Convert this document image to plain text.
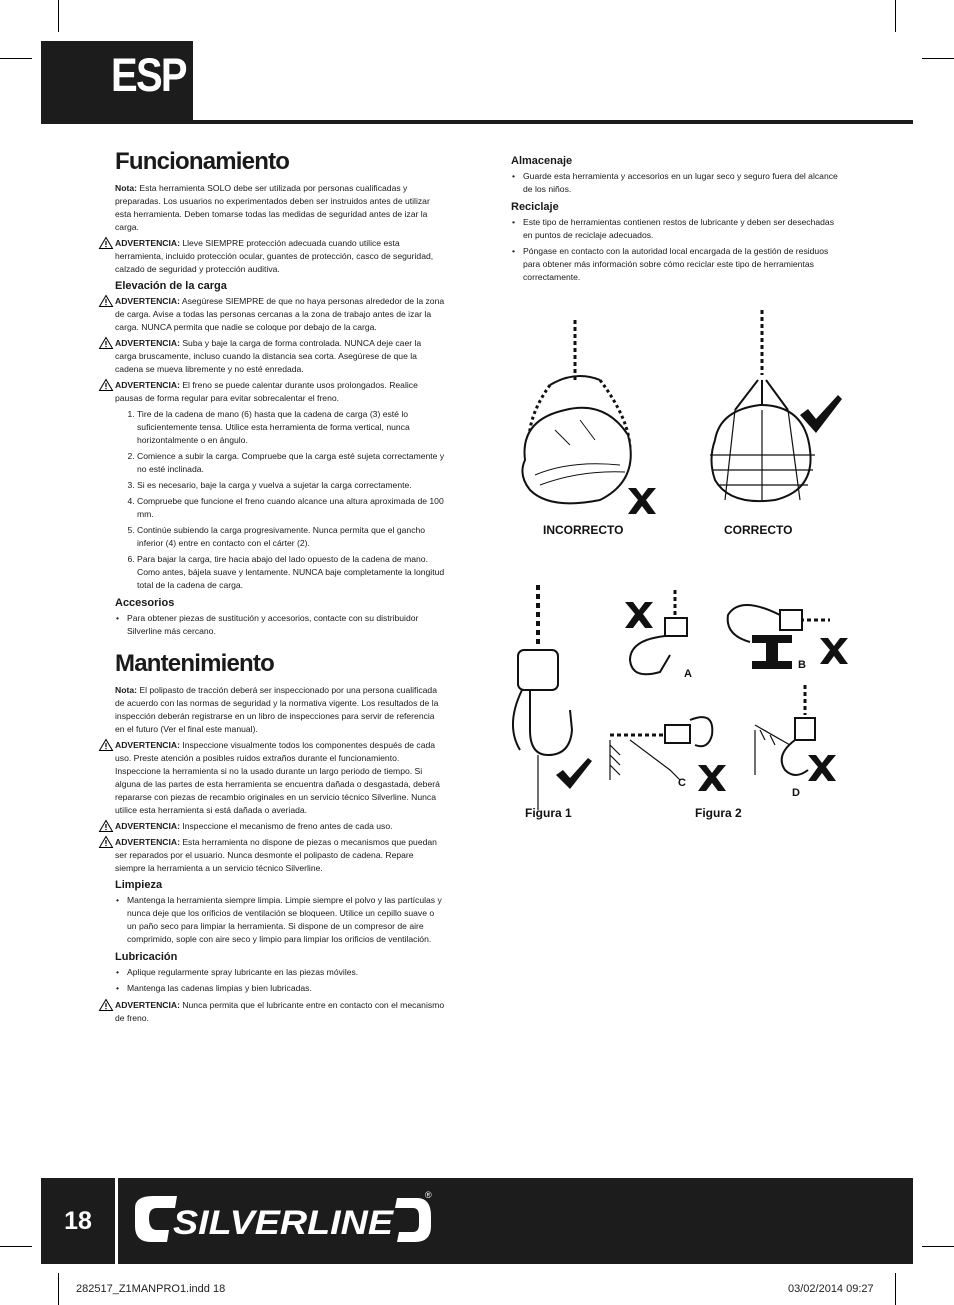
ESP
Funcionamiento

Nota: Esta herramienta SOLO debe ser utilizada por personas cualificadas y preparadas. Los usuarios no experimentados deben ser instruidos antes de utilizar esta herramienta. Deben tomarse todas las medidas de seguridad antes de izar la carga.

ADVERTENCIA: Lleve SIEMPRE protección adecuada cuando utilice esta herramienta, incluido protección ocular, guantes de protección, casco de seguridad, calzado de seguridad y protección auditiva.
Elevación de la carga
ADVERTENCIA: Asegúrese SIEMPRE de que no haya personas alrededor de la zona de carga. Avise a todas las personas cercanas a la zona de trabajo antes de izar la carga. NUNCA permita que nadie se coloque por debajo de la carga.
ADVERTENCIA: Suba y baje la carga de forma controlada. NUNCA deje caer la carga bruscamente, incluso cuando la distancia sea corta. Asegúrese de que la cadena se mueva libremente y no esté enredada.
ADVERTENCIA: El freno se puede calentar durante usos prolongados. Realice pausas de forma regular para evitar sobrecalentar el freno.
1. Tire de la cadena de mano (6) hasta que la cadena de carga (3) esté lo suficientemente tensa. Utilice esta herramienta de forma vertical, nunca horizontalmente o en ángulo.
2. Comience a subir la carga. Compruebe que la carga esté sujeta correctamente y no esté inclinada.
3. Si es necesario, baje la carga y vuelva a sujetar la carga correctamente.
4. Compruebe que funcione el freno cuando alcance una altura aproximada de 100 mm.
5. Continúe subiendo la carga progresivamente. Nunca permita que el gancho inferior (4) entre en contacto con el cárter (2).
6. Para bajar la carga, tire hacia abajo del lado opuesto de la cadena de mano. Como antes, bájela suave y lentamente. NUNCA baje completamente la longitud total de la cadena de carga.
Accesorios
• Para obtener piezas de sustitución y accesorios, contacte con su distribuidor Silverline más cercano.
Mantenimiento

Nota: El polipasto de tracción deberá ser inspeccionado por una persona cualificada de acuerdo con las normas de seguridad y la normativa vigente. Los resultados de la inspección deberán registrarse en un libro de inspecciones para servir de referencia en el futuro (Ver el final este manual).

ADVERTENCIA: Inspeccione visualmente todos los componentes después de cada uso. Preste atención a posibles ruidos extraños durante el funcionamiento. Inspeccione la herramienta si no la usado durante un largo periodo de tiempo. Si alguna de las partes de esta herramienta se encuentra dañada o desgastada, deberá repararse con piezas de recambio originales en un servicio técnico Silverline. Nunca utilice esta herramienta si está dañada o averiada.
ADVERTENCIA: Inspeccione el mecanismo de freno antes de cada uso.
ADVERTENCIA: Esta herramienta no dispone de piezas o mecanismos que puedan ser reparados por el usuario. Nunca desmonte el polipasto de cadena. Repare siempre la herramienta a un servicio técnico Silverline.
Limpieza
• Mantenga la herramienta siempre limpia. Limpie siempre el polvo y las partículas y nunca deje que los orificios de ventilación se bloqueen. Utilice un cepillo suave o un paño seco para limpiar la herramienta. Si dispone de un compresor de aire comprimido, sople con aire seco y limpio para limpiar los orificios de ventilación.
Lubricación
• Aplique regularmente spray lubricante en las piezas móviles.
• Mantenga las cadenas limpias y bien lubricadas.
ADVERTENCIA: Nunca permita que el lubricante entre en contacto con el mecanismo de freno.
Almacenaje
• Guarde esta herramienta y accesorios en un lugar seco y seguro fuera del alcance de los niños.
Reciclaje
• Este tipo de herramientas contienen restos de lubricante y deben ser desechadas en puntos de reciclaje adecuados.
• Póngase en contacto con la autoridad local encargada de la gestión de residuos para obtener más información sobre cómo reciclar este tipo de herramientas correctamente.
INCORRECTO	CORRECTO
A
B
C
D
Figura 1	Figura 2
18	SILVERLINE
®
282517_Z1MANPRO1.indd 18	03/02/2014 09:27
